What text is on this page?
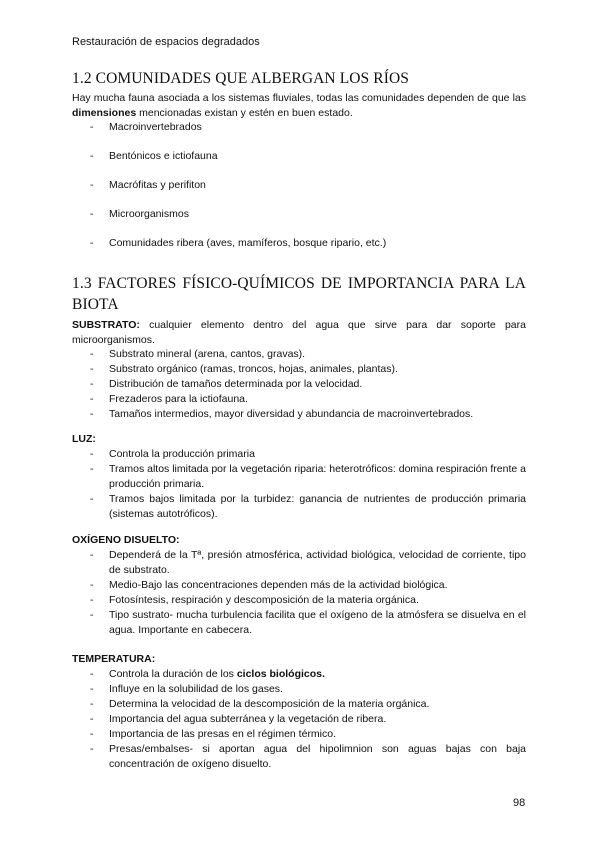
Restauración de espacios degradados
1.2 COMUNIDADES QUE ALBERGAN LOS RÍOS

Hay mucha fauna asociada a los sistemas fluviales, todas las comunidades dependen de que las dimensiones mencionadas existan y estén en buen estado.

- Macroinvertebrados
- Bentónicos e ictiofauna
- Macrófitas y perifiton
- Microorganismos
- Comunidades ribera (aves, mamíferos, bosque ripario, etc.)
1.3 FACTORES FÍSICO-QUÍMICOS DE IMPORTANCIA PARA LA
BIOTA

SUBSTRATO: cualquier elemento dentro del agua que sirve para dar soporte para microorganismos.

- Substrato mineral (arena, cantos, gravas).
- Substrato orgánico (ramas, troncos, hojas, animales, plantas).
- Distribución de tamaños determinada por la velocidad.
- Frezaderos para la ictiofauna.
- Tamaños intermedios, mayor diversidad y abundancia de macroinvertebrados.

LUZ:

- Controla la producción primaria
- Tramos altos limitada por la vegetación riparia: heterotróficos: domina respiración frente a producción primaria.
- Tramos bajos limitada por la turbidez: ganancia de nutrientes de producción primaria (sistemas autotróficos).

OXÍGENO DISUELTO:

- Dependerá de la Tª, presión atmosférica, actividad biológica, velocidad de corriente, tipo de substrato.
- Medio-Bajo las concentraciones dependen más de la actividad biológica.
- Fotosíntesis, respiración y descomposición de la materia orgánica.
- Tipo sustrato- mucha turbulencia facilita que el oxígeno de la atmósfera se disuelva en el agua. Importante en cabecera.

TEMPERATURA:

- Controla la duración de los ciclos biológicos.
- Influye en la solubilidad de los gases.
- Determina la velocidad de la descomposición de la materia orgánica.
- Importancia del agua subterránea y la vegetación de ribera.
- Importancia de las presas en el régimen térmico.
- Presas/embalses- si aportan agua del hipolimnion son aguas bajas con baja concentración de oxígeno disuelto.
98
